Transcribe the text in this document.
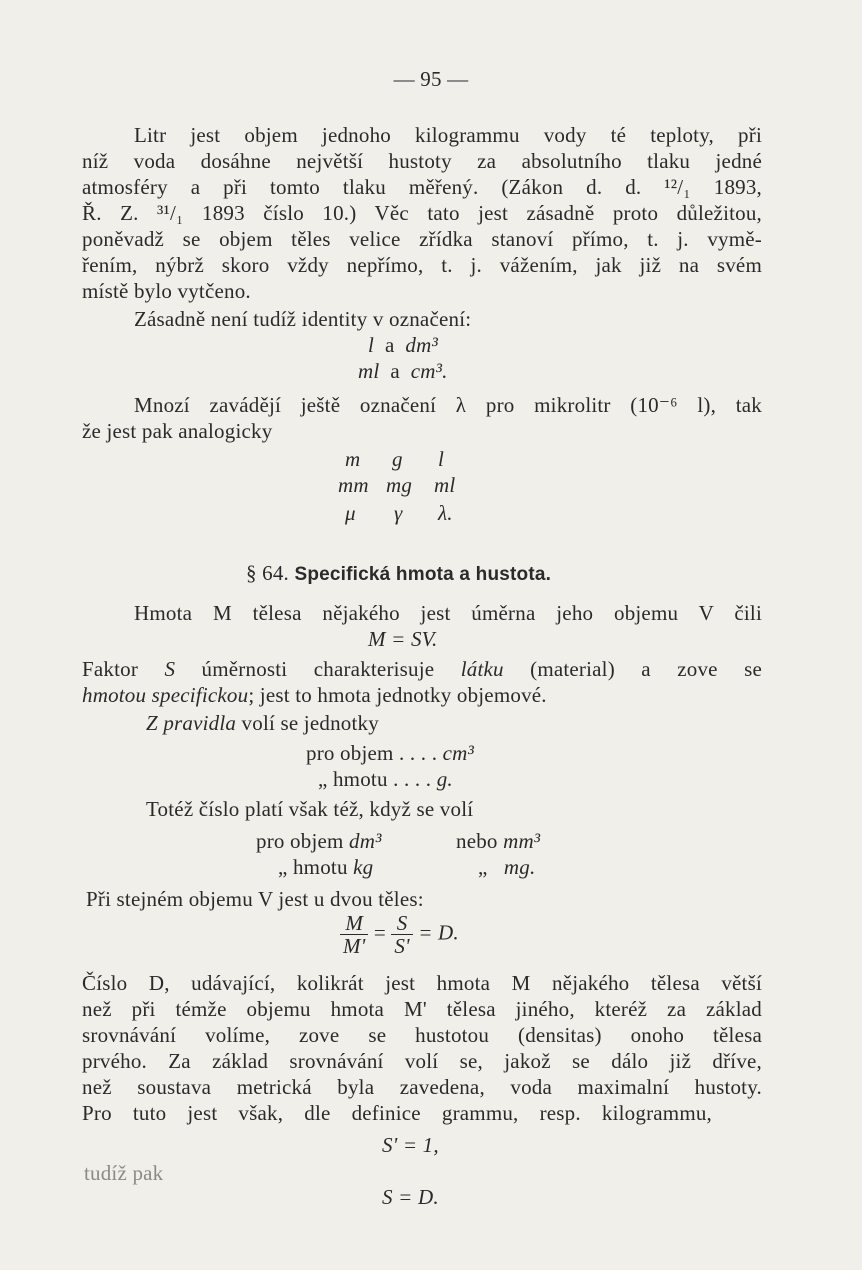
— 95 —
Litr jest objem jednoho kilogrammu vody té teploty, při
níž voda dosáhne největší hustoty za absolutního tlaku jedné
atmosféry a při tomto tlaku měřený. (Zákon d. d. ¹²/₁ 1893,
Ř. Z. ³¹/₁ 1893 číslo 10.) Věc tato jest zásadně proto důležitou,
poněvadž se objem těles velice zřídka stanoví přímo, t. j. vymě-
řením, nýbrž skoro vždy nepřímo, t. j. vážením, jak již na svém
místě bylo vytčeno.
Zásadně není tudíž identity v označení:
l a dm³
ml a cm³.
Mnozí zavádějí ještě označení λ pro mikrolitr (10⁻⁶ l), tak
že jest pak analogicky
m g l
mm mg ml
μ γ λ.
§ 64. Specifická hmota a hustota.
Hmota M tělesa nějakého jest úměrna jeho objemu V čili
M = SV.
Faktor S úměrnosti charakterisuje látku (material) a zove se
hmotou specifickou; jest to hmota jednotky objemové.
Z pravidla volí se jednotky
pro objem . . . . cm³
„ hmotu . . . . g.
Totéž číslo platí však též, když se volí
pro objem dm³	nebo mm³
„ hmotu kg	„ mg.
Při stejném objemu V jest u dvou těles:
$\frac{M}{M'} = \frac{S}{S'} = D$.
Číslo D, udávající, kolikrát jest hmota M nějakého tělesa větší
než při témže objemu hmota M' tělesa jiného, kteréž za základ
srovnávání volíme, zove se hustotou (densitas) onoho tělesa
prvého. Za základ srovnávání volí se, jakož se dálo již dříve,
než soustava metrická byla zavedena, voda maximalní hustoty.
Pro tuto jest však, dle definice grammu, resp. kilogrammu,
S' = 1,
tudíž pak
S = D.
